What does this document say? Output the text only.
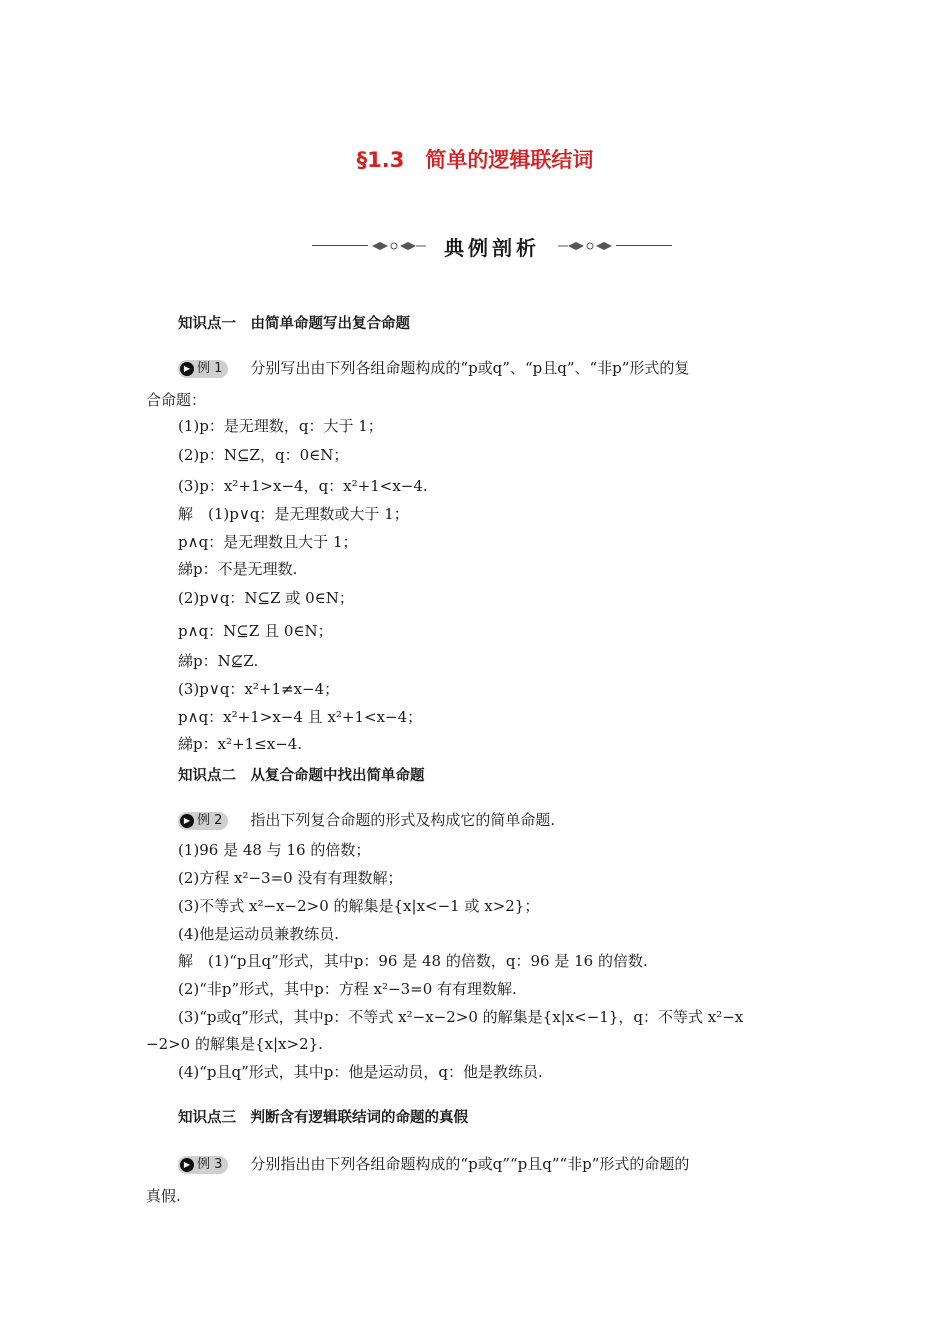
§1.3　简单的逻辑联结词
典例剖析
知识点一　由简单命题写出复合命题
▶ 例 1 分别写出由下列各组命题构成的“p或q”、“p且q”、“非p”形式的复
合命题：
(1)p：是无理数，q：大于 1；
(2)p：N⊆Z，q：0∈N；
(3)p：x²+1>x−4，q：x²+1<x−4.
解　(1)p∨q：是无理数或大于 1；
p∧q：是无理数且大于 1；
綈p：不是无理数.
(2)p∨q：N⊆Z 或 0∈N；
p∧q：N⊆Z 且 0∈N；
綈p：N⊈Z.
(3)p∨q：x²+1≠x−4；
p∧q：x²+1>x−4 且 x²+1<x−4；
綈p：x²+1≤x−4.
知识点二　从复合命题中找出简单命题
▶ 例 2 指出下列复合命题的形式及构成它的简单命题.
(1)96 是 48 与 16 的倍数；
(2)方程 x²−3=0 没有有理数解；
(3)不等式 x²−x−2>0 的解集是{x|x<−1 或 x>2}；
(4)他是运动员兼教练员.
解　(1)“p且q”形式，其中p：96 是 48 的倍数，q：96 是 16 的倍数.
(2)“非p”形式，其中p：方程 x²−3=0 有有理数解.
(3)“p或q”形式，其中p：不等式 x²−x−2>0 的解集是{x|x<−1}，q：不等式 x²−x
−2>0 的解集是{x|x>2}.
(4)“p且q”形式，其中p：他是运动员，q：他是教练员.
知识点三　判断含有逻辑联结词的命题的真假
▶ 例 3 分别指出由下列各组命题构成的“p或q”“p且q”“非p”形式的命题的
真假.
